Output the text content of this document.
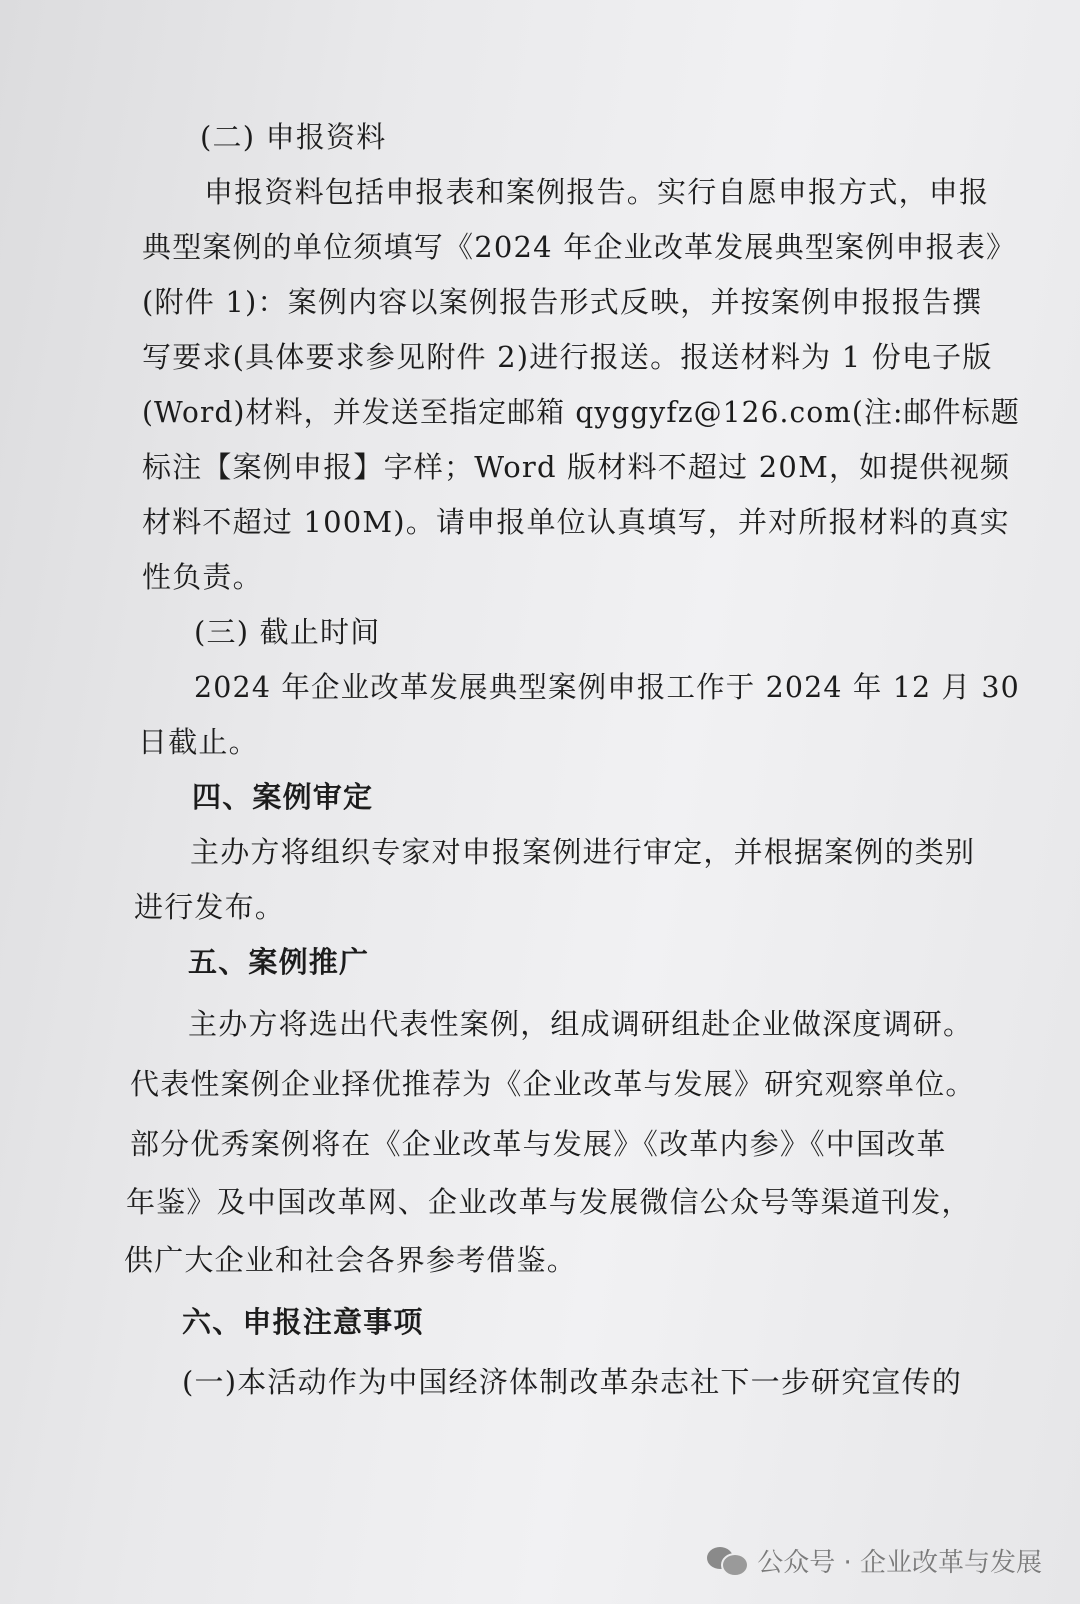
(二) 申报资料
申报资料包括申报表和案例报告。实行自愿申报方式，申报
典型案例的单位须填写《2024 年企业改革发展典型案例申报表》
(附件 1)：案例内容以案例报告形式反映，并按案例申报报告撰
写要求(具体要求参见附件 2)进行报送。报送材料为 1 份电子版
(Word)材料，并发送至指定邮箱 qyggyfz@126.com(注:邮件标题
标注【案例申报】字样；Word 版材料不超过 20M，如提供视频
材料不超过 100M)。请申报单位认真填写，并对所报材料的真实
性负责。
(三) 截止时间
2024 年企业改革发展典型案例申报工作于 2024 年 12 月 30
日截止。
四、案例审定
主办方将组织专家对申报案例进行审定，并根据案例的类别
进行发布。
五、案例推广
主办方将选出代表性案例，组成调研组赴企业做深度调研。
代表性案例企业择优推荐为《企业改革与发展》研究观察单位。
部分优秀案例将在《企业改革与发展》《改革内参》《中国改革
年鉴》及中国改革网、企业改革与发展微信公众号等渠道刊发，
供广大企业和社会各界参考借鉴。
六、申报注意事项
(一)本活动作为中国经济体制改革杂志社下一步研究宣传的
公众号 · 企业改革与发展
